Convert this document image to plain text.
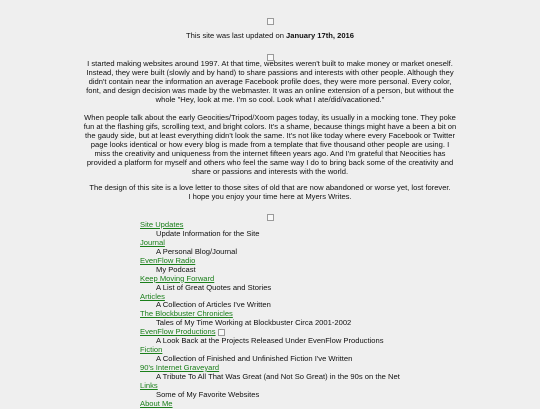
This site was last updated on January 17th, 2016
I started making websites around 1997. At that time, websites weren't built to make money or market oneself. Instead, they were built (slowly and by hand) to share passions and interests with other people. Although they didn't contain near the information an average Facebook profile does, they were more personal. Every color, font, and design decision was made by the webmaster. It was an online extension of a person, but without the whole "Hey, look at me. I'm so cool. Look what I ate/did/vacationed."
When people talk about the early Geocities/Tripod/Xoom pages today, its usually in a mocking tone. They poke fun at the flashing gifs, scrolling text, and bright colors. It's a shame, because things might have a been a bit on the gaudy side, but at least everything didn't look the same. It's not like today where every Facebook or Twitter page looks identical or how every blog is made from a template that five thousand other people are using. I miss the creativity and uniqueness from the internet fifteen years ago. And I'm grateful that Neocities has provided a platform for myself and others who feel the same way I do to bring back some of the creativity and share or passions and interests with the world.
The design of this site is a love letter to those sites of old that are now abandoned or worse yet, lost forever.
I hope you enjoy your time here at Myers Writes.
Site Updates
Update Information for the Site
Journal
A Personal Blog/Journal
EvenFlow Radio
My Podcast
Keep Moving Forward
A List of Great Quotes and Stories
Articles
A Collection of Articles I've Written
The Blockbuster Chronicles
Tales of My Time Working at Blockbuster Circa 2001-2002
EvenFlow Productions
A Look Back at the Projects Released Under EvenFlow Productions
Fiction
A Collection of Finished and Unfinished Fiction I've Written
90's Internet Graveyard
A Tribute To All That Was Great (and Not So Great) in the 90s on the Net
Links
Some of My Favorite Websites
About Me
